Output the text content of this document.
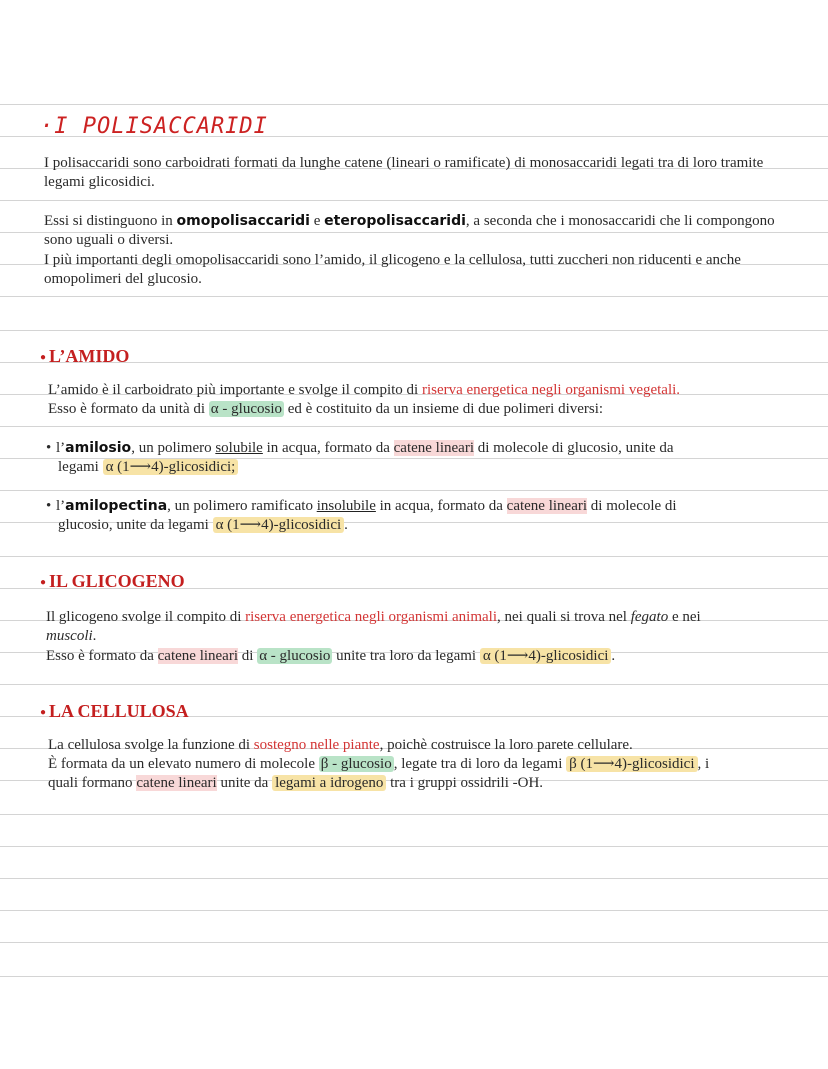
·I POLISACCARIDI
I polisaccaridi sono carboidrati formati da lunghe catene (lineari o ramificate) di monosaccaridi legati tra di loro tramite legami glicosidici.
Essi si distinguono in omopolisaccaridi e eteropolisaccaridi, a seconda che i monosaccaridi che li compongono sono uguali o diversi.
I più importanti degli omopolisaccaridi sono l’amido, il glicogeno e la cellulosa, tutti zuccheri non riducenti e anche omopolimeri del glucosio.
● L’AMIDO
L’amido è il carboidrato più importante e svolge il compito di riserva energetica negli organismi vegetali.
Esso è formato da unità di α - glucosio ed è costituito da un insieme di due polimeri diversi:
• l’amilosio, un polimero solubile in acqua, formato da catene lineari di molecole di glucosio, unite da
legami α (1⟶4)-glicosidici;
• l’amilopectina, un polimero ramificato insolubile in acqua, formato da catene lineari di molecole di
glucosio, unite da legami α (1⟶4)-glicosidici .
● IL GLICOGENO
Il glicogeno svolge il compito di riserva energetica negli organismi animali, nei quali si trova nel fegato e nei
muscoli.
Esso è formato da catene lineari di α - glucosio unite tra loro da legami α (1⟶4)-glicosidici .
● LA CELLULOSA
La cellulosa svolge la funzione di sostegno nelle piante, poichè costruisce la loro parete cellulare.
È formata da un elevato numero di molecole β - glucosio , legate tra di loro da legami β (1⟶4)-glicosidici , i
quali formano catene lineari unite da legami a idrogeno tra i gruppi ossidrili -OH.
